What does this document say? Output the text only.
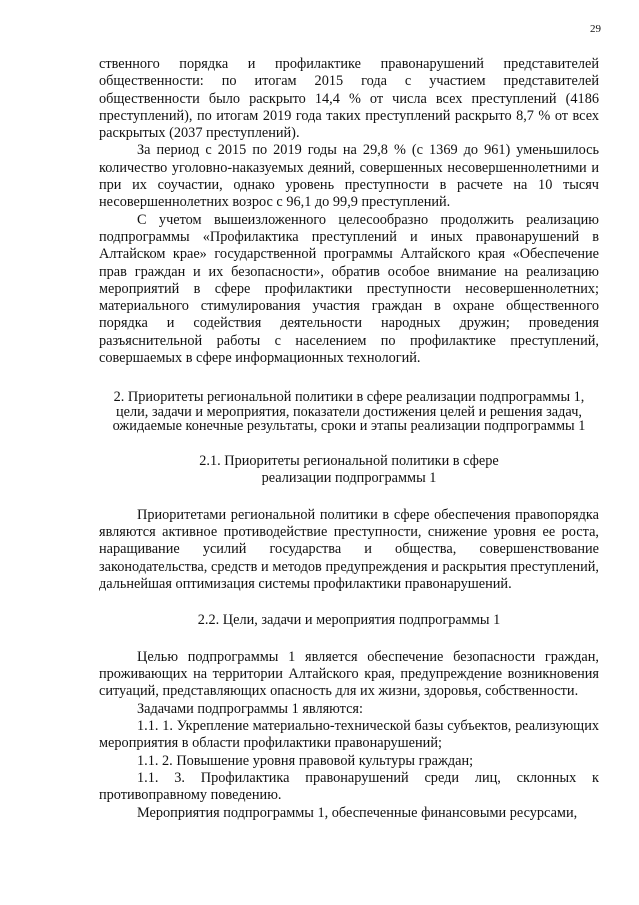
29

ственного порядка и профилактике правонарушений представителей общественности: по итогам 2015 года с участием представителей общественности было раскрыто 14,4 % от числа всех преступлений (4186 преступлений), по итогам 2019 года таких преступлений раскрыто 8,7 % от всех раскрытых (2037 преступлений).

За период с 2015 по 2019 годы на 29,8 % (с 1369 до 961) уменьшилось количество уголовно-наказуемых деяний, совершенных несовершеннолетними и при их соучастии, однако уровень преступности в расчете на 10 тысяч несовершеннолетних возрос с 96,1 до 99,9 преступлений.

С учетом вышеизложенного целесообразно продолжить реализацию подпрограммы «Профилактика преступлений и иных правонарушений в Алтайском крае» государственной программы Алтайского края «Обеспечение прав граждан и их безопасности», обратив особое внимание на реализацию мероприятий в сфере профилактики преступности несовершеннолетних; материального стимулирования участия граждан в охране общественного порядка и содействия деятельности народных дружин; проведения разъяснительной работы с населением по профилактике преступлений, совершаемых в сфере информационных технологий.

2. Приоритеты региональной политики в сфере реализации подпрограммы 1, цели, задачи и мероприятия, показатели достижения целей и решения задач, ожидаемые конечные результаты, сроки и этапы реализации подпрограммы 1
2.1. Приоритеты региональной политики в сфере
реализации подпрограммы 1

Приоритетами региональной политики в сфере обеспечения правопорядка являются активное противодействие преступности, снижение уровня ее роста, наращивание усилий государства и общества, совершенствование законодательства, средств и методов предупреждения и раскрытия преступлений, дальнейшая оптимизация системы профилактики правонарушений.

2.2. Цели, задачи и мероприятия подпрограммы 1

Целью подпрограммы 1 является обеспечение безопасности граждан, проживающих на территории Алтайского края, предупреждение возникновения ситуаций, представляющих опасность для их жизни, здоровья, собственности.

Задачами подпрограммы 1 являются:

1.1. 1. Укрепление материально-технической базы субъектов, реализующих мероприятия в области профилактики правонарушений;

1.1. 2. Повышение уровня правовой культуры граждан;

1.1. 3. Профилактика правонарушений среди лиц, склонных к противоправному поведению.

Мероприятия подпрограммы 1, обеспеченные финансовыми ресурсами,
